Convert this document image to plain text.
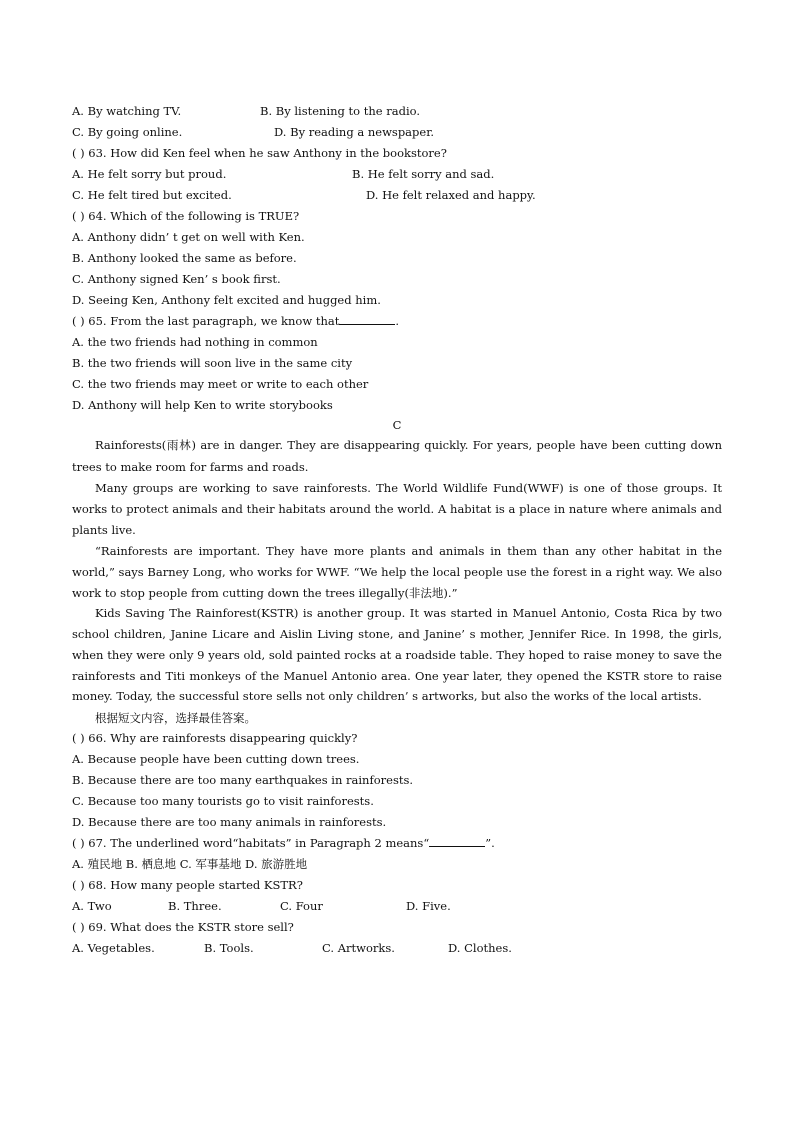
A. By watching TV.	B. By listening to the radio.
C. By going online.	D. By reading a newspaper.
( ) 63. How did Ken feel when he saw Anthony in the bookstore?
A. He felt sorry but proud.	B. He felt sorry and sad.
C. He felt tired but excited.	D. He felt relaxed and happy.
( ) 64. Which of the following is TRUE?
A. Anthony didn’ t get on well with Ken.
B. Anthony looked the same as before.
C. Anthony signed Ken’ s book first.
D. Seeing Ken, Anthony felt excited and hugged him.
( ) 65. From the last paragraph, we know that	.
A. the two friends had nothing in common
B. the two friends will soon live in the same city
C. the two friends may meet or write to each other
D. Anthony will help Ken to write storybooks
C

Rainforests(雨林) are in danger. They are disappearing quickly. For years, people have been cutting down trees to make room for farms and roads.

Many groups are working to save rainforests. The World Wildlife Fund(WWF) is one of those groups. It works to protect animals and their habitats around the world. A habitat is a place in nature where animals and plants live.

“Rainforests are important. They have more plants and animals in them than any other habitat in the world,” says Barney Long, who works for WWF. “We help the local people use the forest in a right way. We also work to stop people from cutting down the trees illegally(非法地).”

Kids Saving The Rainforest(KSTR) is another group. It was started in Manuel Antonio, Costa Rica by two school children, Janine Licare and Aislin Living stone, and Janine’ s mother, Jennifer Rice. In 1998, the girls, when they were only 9 years old, sold painted rocks at a roadside table. They hoped to raise money to save the rainforests and Titi monkeys of the Manuel Antonio area. One year later, they opened the KSTR store to raise money. Today, the successful store sells not only children’ s artworks, but also the works of the local artists.

根据短文内容，选择最佳答案。

( ) 66. Why are rainforests disappearing quickly?
A. Because people have been cutting down trees.
B. Because there are too many earthquakes in rainforests.
C. Because too many tourists go to visit rainforests.
D. Because there are too many animals in rainforests.
( ) 67. The underlined word“habitats” in Paragraph 2 means“	”.
A. 殖民地 B. 栖息地 C. 军事基地 D. 旅游胜地
( ) 68. How many people started KSTR?
A. Two	B. Three.	C. Four	D. Five.
( ) 69. What does the KSTR store sell?
A. Vegetables.	B. Tools.	C. Artworks.	D. Clothes.
